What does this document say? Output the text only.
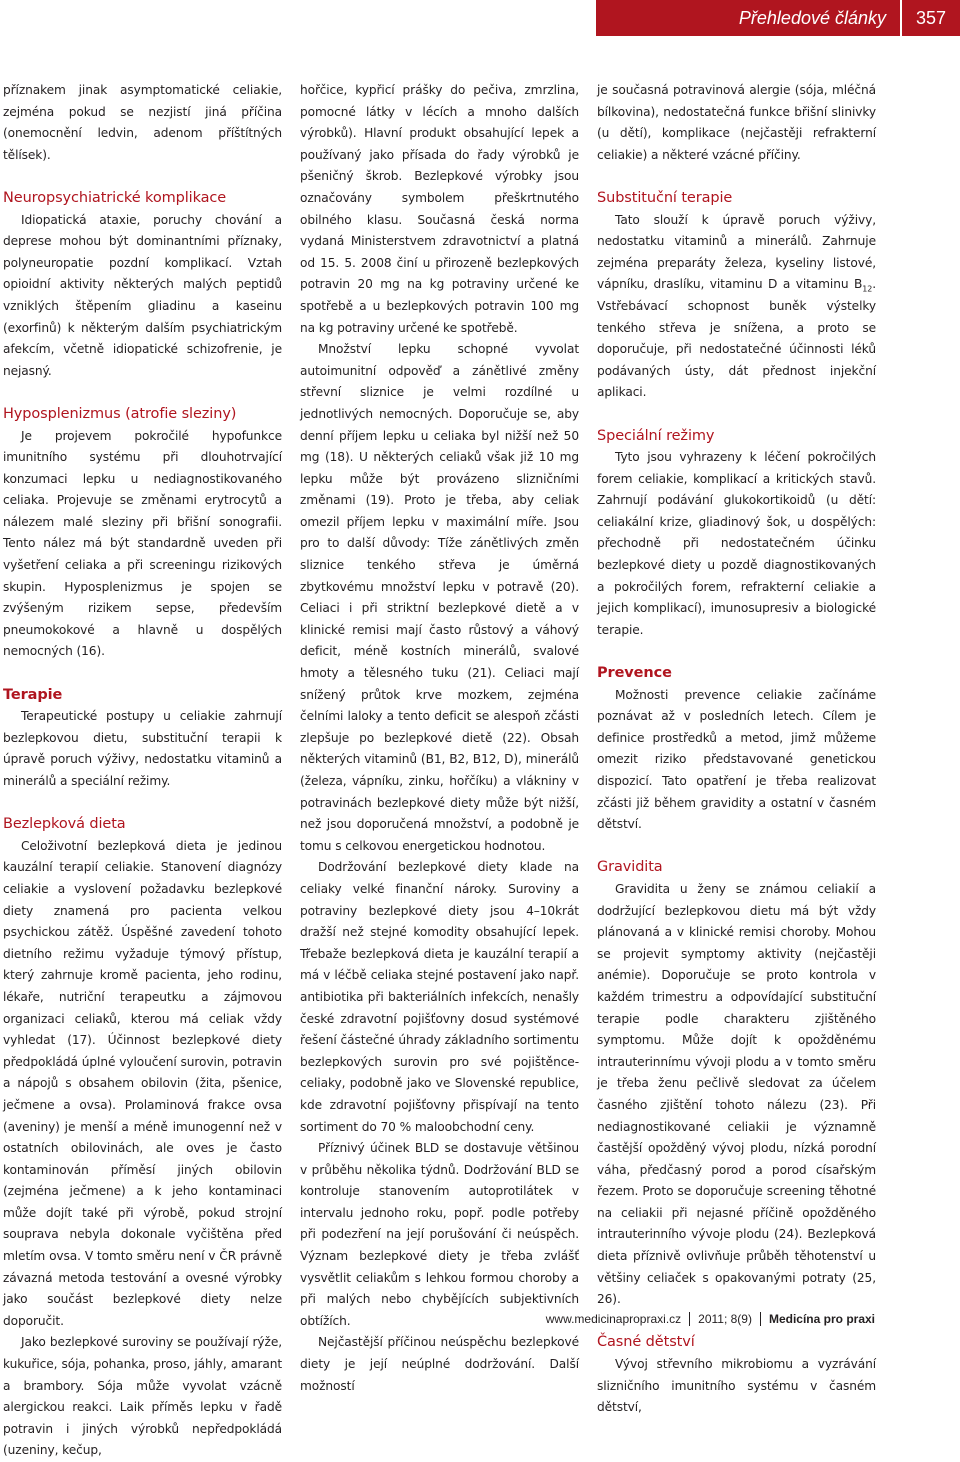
Přehledové články	357

příznakem jinak asymptomatické celiakie, zejména pokud se nezjistí jiná příčina (onemocnění ledvin, adenom příštítných tělísek).

Neuropsychiatrické komplikace

Idiopatická ataxie, poruchy chování a deprese mohou být dominantními příznaky, polyneuropatie pozdní komplikací. Vztah opioidní aktivity některých malých peptidů vzniklých štěpením gliadinu a kaseinu (exorfinů) k některým dalším psychiatrickým afekcím, včetně idiopatické schizofrenie, je nejasný.

Hyposplenizmus (atrofie sleziny)

Je projevem pokročilé hypofunkce imunitního systému při dlouhotrvající konzumaci lepku u nediagnostikovaného celiaka. Projevuje se změnami erytrocytů a nálezem malé sleziny při břišní sonografii. Tento nález má být standardně uveden při vyšetření celiaka a při screeningu rizikových skupin. Hyposplenizmus je spojen se zvýšeným rizikem sepse, především pneumokokové a hlavně u dospělých nemocných (16).

Terapie

Terapeutické postupy u celiakie zahrnují bezlepkovou dietu, substituční terapii k úpravě poruch výživy, nedostatku vitaminů a minerálů a speciální režimy.

Bezlepková dieta

Celoživotní bezlepková dieta je jedinou kauzální terapií celiakie. Stanovení diagnózy celiakie a vyslovení požadavku bezlepkové diety znamená pro pacienta velkou psychickou zátěž. Úspěšné zavedení tohoto dietního režimu vyžaduje týmový přístup, který zahrnuje kromě pacienta, jeho rodinu, lékaře, nutriční terapeutku a zájmovou organizaci celiaků, kterou má celiak vždy vyhledat (17). Účinnost bezlepkové diety předpokládá úplné vyloučení surovin, potravin a nápojů s obsahem obilovin (žita, pšenice, ječmene a ovsa). Prolaminová frakce ovsa (aveniny) je menší a méně imunogenní než v ostatních obilovinách, ale oves je často kontaminován příměsí jiných obilovin (zejména ječmene) a k jeho kontaminaci může dojít také při výrobě, pokud strojní souprava nebyla dokonale vyčištěna před mletím ovsa. V tomto směru není v ČR právně závazná metoda testování a ovesné výrobky jako součást bezlepkové diety nelze doporučit.

Jako bezlepkové suroviny se používají rýže, kukuřice, sója, pohanka, proso, jáhly, amarant a brambory. Sója může vyvolat vzácně alergickou reakci. Laik příměs lepku v řadě potravin i jiných výrobků nepředpokládá (uzeniny, kečup,

hořčice, kypřicí prášky do pečiva, zmrzlina, pomocné látky v lécích a mnoho dalších výrobků). Hlavní produkt obsahující lepek a používaný jako přísada do řady výrobků je pšeničný škrob. Bezlepkové výrobky jsou označovány symbolem přeškrtnutého obilného klasu. Současná česká norma vydaná Ministerstvem zdravotnictví a platná od 15. 5. 2008 činí u přirozeně bezlepkových potravin 20 mg na kg potraviny určené ke spotřebě a u bezlepkových potravin 100 mg na kg potraviny určené ke spotřebě.

Množství lepku schopné vyvolat autoimunitní odpověď a zánětlivé změny střevní sliznice je velmi rozdílné u jednotlivých nemocných. Doporučuje se, aby denní příjem lepku u celiaka byl nižší než 50 mg (18). U některých celiaků však již 10 mg lepku může být provázeno slizničními změnami (19). Proto je třeba, aby celiak omezil příjem lepku v maximální míře. Jsou pro to další důvody: Tíže zánětlivých změn sliznice tenkého střeva je úměrná zbytkovému množství lepku v potravě (20). Celiaci i při striktní bezlepkové dietě a v klinické remisi mají často růstový a váhový deficit, méně kostních minerálů, svalové hmoty a tělesného tuku (21). Celiaci mají snížený průtok krve mozkem, zejména čelními laloky a tento deficit se alespoň zčásti zlepšuje po bezlepkové dietě (22). Obsah některých vitaminů (B1, B2, B12, D), minerálů (železa, vápníku, zinku, hořčíku) a vlákniny v potravinách bezlepkové diety může být nižší, než jsou doporučená množství, a podobně je tomu s celkovou energetickou hodnotou.

Dodržování bezlepkové diety klade na celiaky velké finanční nároky. Suroviny a potraviny bezlepkové diety jsou 4–10krát dražší než stejné komodity obsahující lepek. Třebaže bezlepková dieta je kauzální terapií a má v léčbě celiaka stejné postavení jako např. antibiotika při bakteriálních infekcích, nenašly české zdravotní pojišťovny dosud systémové řešení částečné úhrady základního sortimentu bezlepkových surovin pro své pojištěnce-celiaky, podobně jako ve Slovenské republice, kde zdravotní pojišťovny přispívají na tento sortiment do 70 % maloobchodní ceny.

Příznivý účinek BLD se dostavuje většinou v průběhu několika týdnů. Dodržování BLD se kontroluje stanovením autoprotilátek v intervalu jednoho roku, popř. podle potřeby při podezření na její porušování či neúspěch. Význam bezlepkové diety je třeba zvlášť vysvětlit celiakům s lehkou formou choroby a při malých nebo chybějících subjektivních obtížích.

Nejčastější příčinou neúspěchu bezlepkové diety je její neúplné dodržování. Další možností

je současná potravinová alergie (sója, mléčná bílkovina), nedostatečná funkce břišní slinivky (u dětí), komplikace (nejčastěji refrakterní celiakie) a některé vzácné příčiny.

Substituční terapie

Tato slouží k úpravě poruch výživy, nedostatku vitaminů a minerálů. Zahrnuje zejména preparáty železa, kyseliny listové, vápníku, draslíku, vitaminu D a vitaminu $B_{12}$. Vstřebávací schopnost buněk výstelky tenkého střeva je snížena, a proto se doporučuje, při nedostatečné účinnosti léků podávaných ústy, dát přednost injekční aplikaci.

Speciální režimy

Tyto jsou vyhrazeny k léčení pokročilých forem celiakie, komplikací a kritických stavů. Zahrnují podávání glukokortikoidů (u dětí: celiakální krize, gliadinový šok, u dospělých: přechodně při nedostatečném účinku bezlepkové diety u pozdě diagnostikovaných a pokročilých forem, refrakterní celiakie a jejich komplikací), imunosupresiv a biologické terapie.

Prevence

Možnosti prevence celiakie začínáme poznávat až v posledních letech. Cílem je definice prostředků a metod, jimž můžeme omezit riziko představované genetickou dispozicí. Tato opatření je třeba realizovat zčásti již během gravidity a ostatní v časném dětství.

Gravidita

Gravidita u ženy se známou celiakií a dodržující bezlepkovou dietu má být vždy plánovaná a v klinické remisi choroby. Mohou se projevit symptomy aktivity (nejčastěji anémie). Doporučuje se proto kontrola v každém trimestru a odpovídající substituční terapie podle charakteru zjištěného symptomu. Může dojít k opožděnému intrauterinnímu vývoji plodu a v tomto směru je třeba ženu pečlivě sledovat za účelem časného zjištění tohoto nálezu (23). Při nediagnostikované celiakii je významně častější opožděný vývoj plodu, nízká porodní váha, předčasný porod a porod císařským řezem. Proto se doporučuje screening těhotné na celiakii při nejasné příčině opožděného intrauterinního vývoje plodu (24). Bezlepková dieta příznivě ovlivňuje průběh těhotenství u většiny celiaček s opakovanými potraty (25, 26).

Časné dětství

Vývoj střevního mikrobiomu a vyzrávání slizničního imunitního systému v časném dětství,

www.medicinapropraxi.cz 2011; 8(9) Medicína pro praxi
